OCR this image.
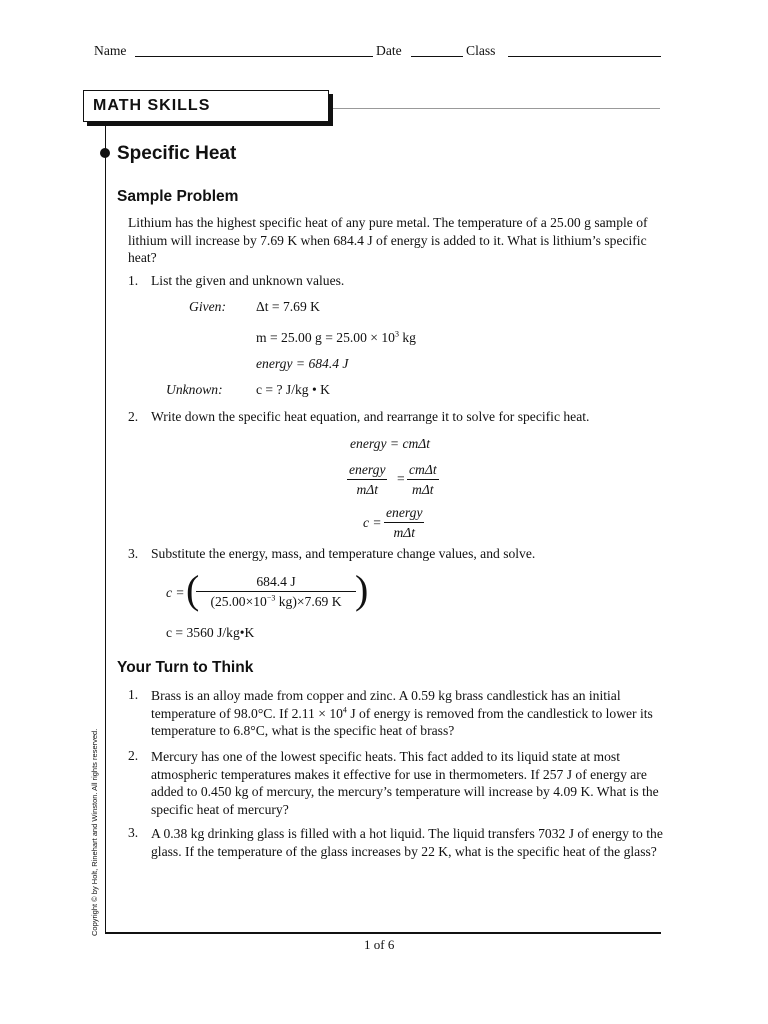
Name	Date	Class
MATH SKILLS
Specific Heat
Sample Problem
Lithium has the highest specific heat of any pure metal. The temperature of a 25.00 g sample of lithium will increase by 7.69 K when 684.4 J of energy is added to it. What is lithium’s specific heat?
1. List the given and unknown values.
Given: Δt = 7.69 K
m = 25.00 $g = 25.00 \times 10^3$ kg
energy = 684.4 J
Unknown: c = ? J/kg • K
2. Write down the specific heat equation, and rearrange it to solve for specific heat.
energy = cmΔt
energy
mΔt
=
cmΔt
mΔt
c =
energy
mΔt
3. Substitute the energy, mass, and temperature change values, and solve.
c = (
$\frac{684.4 J}{(25.00\times 10^{-3} kg)\times 7.69 K}$ )
c = 3560 J/kg•K
Your Turn to Think
1. Brass is an alloy made from copper and zinc. A 0.59 kg brass candlestick has an initial temperature of 98.0°C. If $2.11 \times 10^4$ J of energy is removed from the candlestick to lower its temperature to 6.8°C, what is the specific heat of brass?
2. Mercury has one of the lowest specific heats. This fact added to its liquid state at most atmospheric temperatures makes it effective for use in thermometers. If 257 J of energy are added to 0.450 kg of mercury, the mercury’s temperature will increase by 4.09 K. What is the specific heat of mercury?
3. A 0.38 kg drinking glass is filled with a hot liquid. The liquid transfers 7032 J of energy to the glass. If the temperature of the glass increases by 22 K, what is the specific heat of the glass?
Copyright © by Holt, Rinehart and Winston. All rights reserved.
1 of 6
